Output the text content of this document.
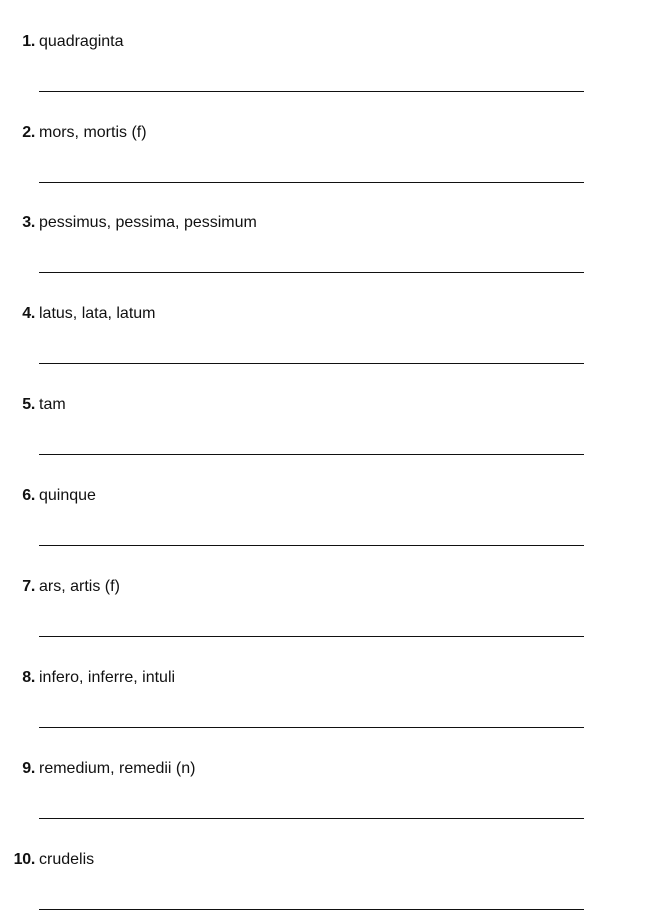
1. quadraginta
2. mors, mortis (f)
3. pessimus, pessima, pessimum
4. latus, lata, latum
5. tam
6. quinque
7. ars, artis (f)
8. infero, inferre, intuli
9. remedium, remedii (n)
10. crudelis
